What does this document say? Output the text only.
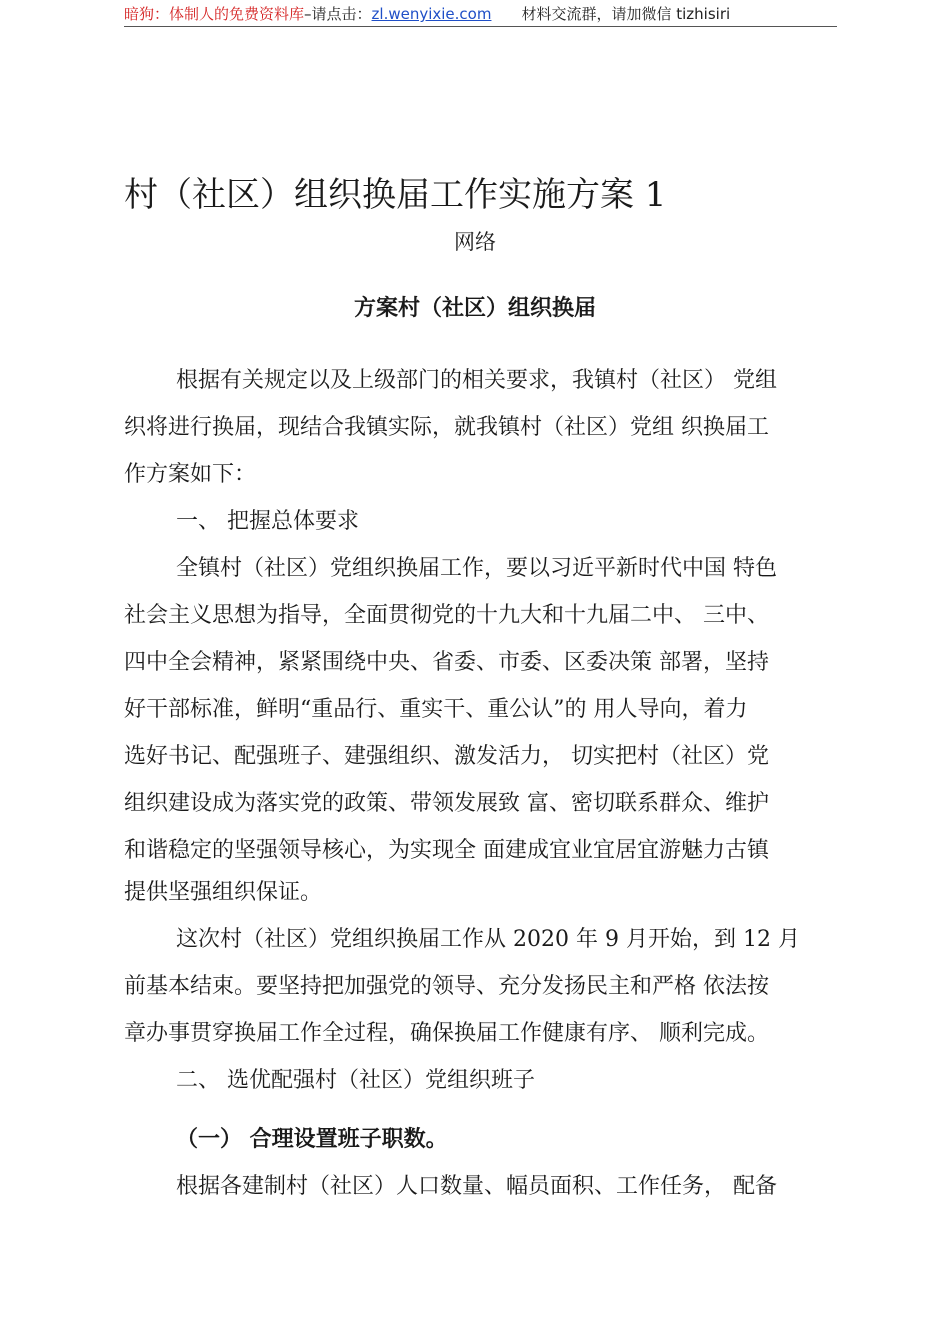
暗狗：体制人的免费资料库–请点击：zl.wenyixie.com 材料交流群，请加微信 tizhisiri
村（社区）组织换届工作实施方案 1
网络
方案村（社区）组织换届
根据有关规定以及上级部门的相关要求，我镇村（社区） 党组
织将进行换届，现结合我镇实际，就我镇村（社区）党组 织换届工
作方案如下：
一、 把握总体要求
全镇村（社区）党组织换届工作，要以习近平新时代中国 特色
社会主义思想为指导，全面贯彻党的十九大和十九届二中、 三中、
四中全会精神，紧紧围绕中央、省委、市委、区委决策 部署，坚持
好干部标准，鲜明“重品行、重实干、重公认”的 用人导向，着力
选好书记、配强班子、建强组织、激发活力， 切实把村（社区）党
组织建设成为落实党的政策、带领发展致 富、密切联系群众、维护
和谐稳定的坚强领导核心，为实现全 面建成宜业宜居宜游魅力古镇
提供坚强组织保证。
这次村（社区）党组织换届工作从 2020 年 9 月开始，到 12 月
前基本结束。要坚持把加强党的领导、充分发扬民主和严格 依法按
章办事贯穿换届工作全过程，确保换届工作健康有序、 顺利完成。
二、 选优配强村（社区）党组织班子
（一） 合理设置班子职数。
根据各建制村（社区）人口数量、幅员面积、工作任务， 配备
